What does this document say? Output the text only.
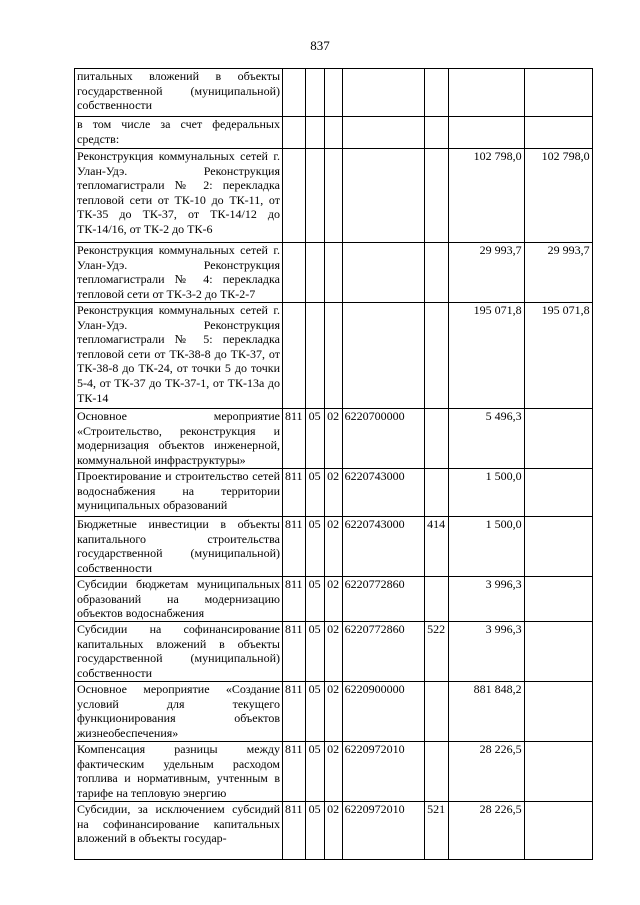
837
питальных вложений в объекты государственной (муниципальной) собственности							
в том числе за счет федеральных средств:							
Реконструкция коммунальных сетей г. Улан-Удэ. Реконструкция тепломагистрали № 2: перекладка тепловой сети от ТК-10 до ТК-11, от ТК-35 до ТК-37, от ТК-14/12 до ТК-14/16, от ТК-2 до ТК-6						102 798,0	102 798,0
Реконструкция коммунальных сетей г. Улан-Удэ. Реконструкция тепломагистрали № 4: перекладка тепловой сети от ТК-3-2 до ТК-2-7						29 993,7	29 993,7
Реконструкция коммунальных сетей г. Улан-Удэ. Реконструкция тепломагистрали № 5: перекладка тепловой сети от ТК-38-8 до ТК-37, от ТК-38-8 до ТК-24, от точки 5 до точки 5-4, от ТК-37 до ТК-37-1, от ТК-13а до ТК-14						195 071,8	195 071,8
Основное мероприятие «Строительство, реконструкция и модернизация объектов инженерной, коммунальной инфраструктуры»	811	05	02	6220700000		5 496,3	
Проектирование и строительство сетей водоснабжения на территории муниципальных образований	811	05	02	6220743000		1 500,0	
Бюджетные инвестиции в объекты капитального строительства государственной (муниципальной) собственности	811	05	02	6220743000	414	1 500,0	
Субсидии бюджетам муниципальных образований на модернизацию объектов водоснабжения	811	05	02	6220772860		3 996,3	
Субсидии на софинансирование капитальных вложений в объекты государственной (муниципальной) собственности	811	05	02	6220772860	522	3 996,3	
Основное мероприятие «Создание условий для текущего функционирования объектов жизнеобеспечения»	811	05	02	6220900000		881 848,2	
Компенсация разницы между фактическим удельным расходом топлива и нормативным, учтенным в тарифе на тепловую энергию	811	05	02	6220972010		28 226,5	
Субсидии, за исключением субсидий на софинансирование капитальных вложений в объекты государ-	811	05	02	6220972010	521	28 226,5	
